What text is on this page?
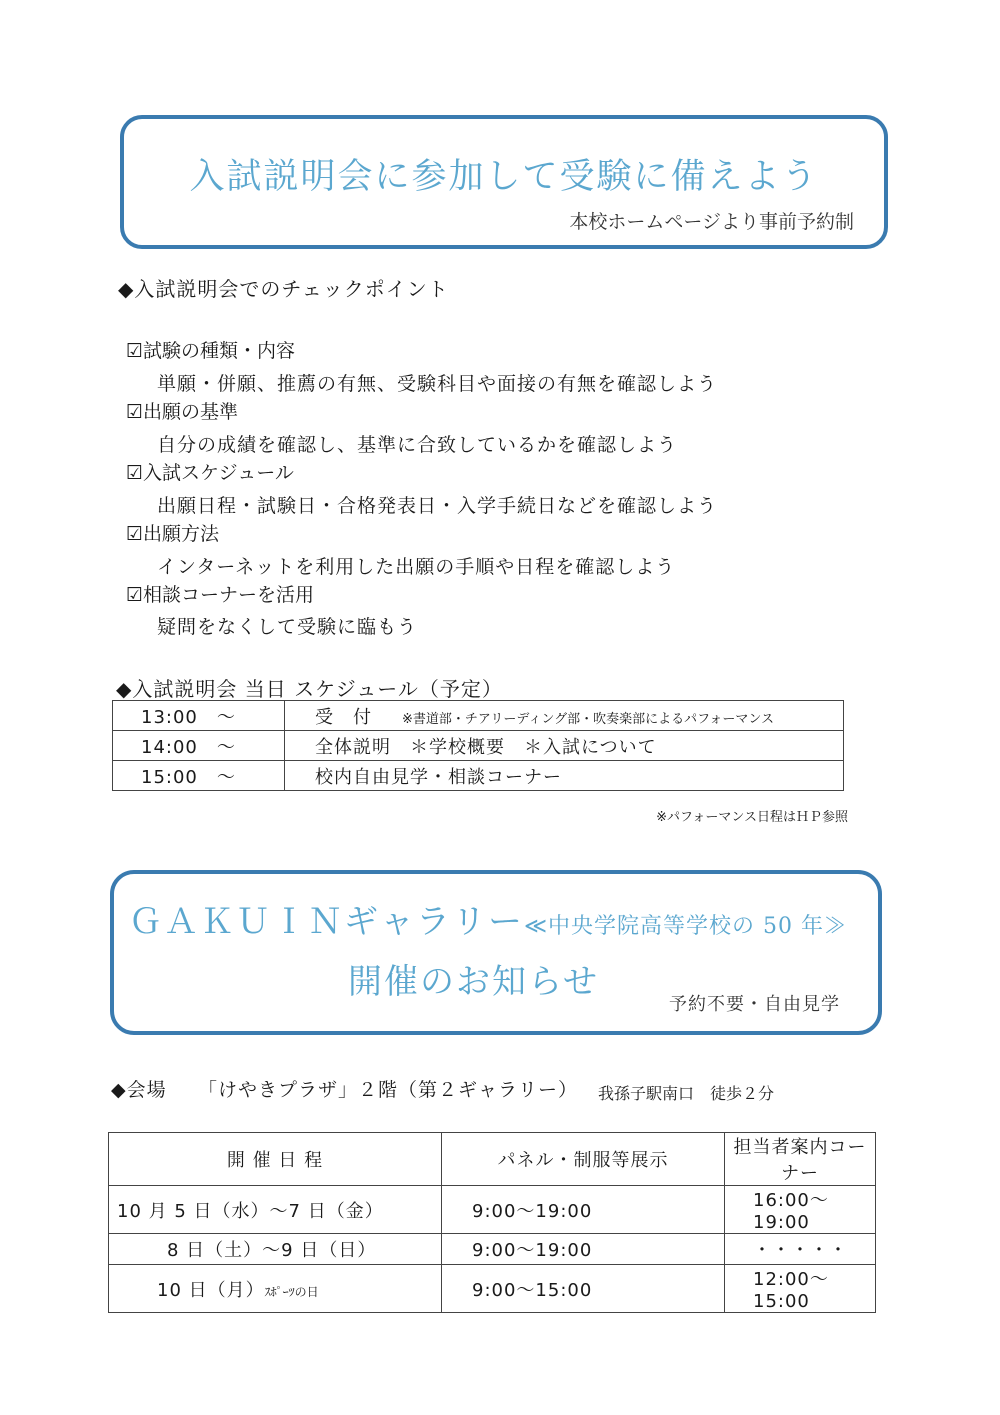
入試説明会に参加して受験に備えよう
本校ホームページより事前予約制
◆入試説明会でのチェックポイント
☑試験の種類・内容
単願・併願、推薦の有無、受験科目や面接の有無を確認しよう
☑出願の基準
自分の成績を確認し、基準に合致しているかを確認しよう
☑入試スケジュール
出願日程・試験日・合格発表日・入学手続日などを確認しよう
☑出願方法
インターネットを利用した出願の手順や日程を確認しよう
☑相談コーナーを活用
疑問をなくして受験に臨もう
◆入試説明会 当日 スケジュール（予定）
13:00　～	受　付 ※書道部・チアリーディング部・吹奏楽部によるパフォーマンス
14:00　～	全体説明　＊学校概要　＊入試について
15:00　～	校内自由見学・相談コーナー
※パフォーマンス日程はＨＰ参照
ＧＡＫＵＩＮギャラリー≪中央学院高等学校の 50 年≫
開催のお知らせ
予約不要・自由見学
◆会場 「けやきプラザ」２階（第２ギャラリー） 我孫子駅南口　徒歩２分
開 催 日 程	パネル・制服等展示	担当者案内コーナー
10 月 5 日（水）～7 日（金）	9:00～19:00	16:00～19:00
8 日（土）～9 日（日）	9:00～19:00	・・・・・
10 日（月）ｽﾎﾟｰﾂの日	9:00～15:00	12:00～15:00
